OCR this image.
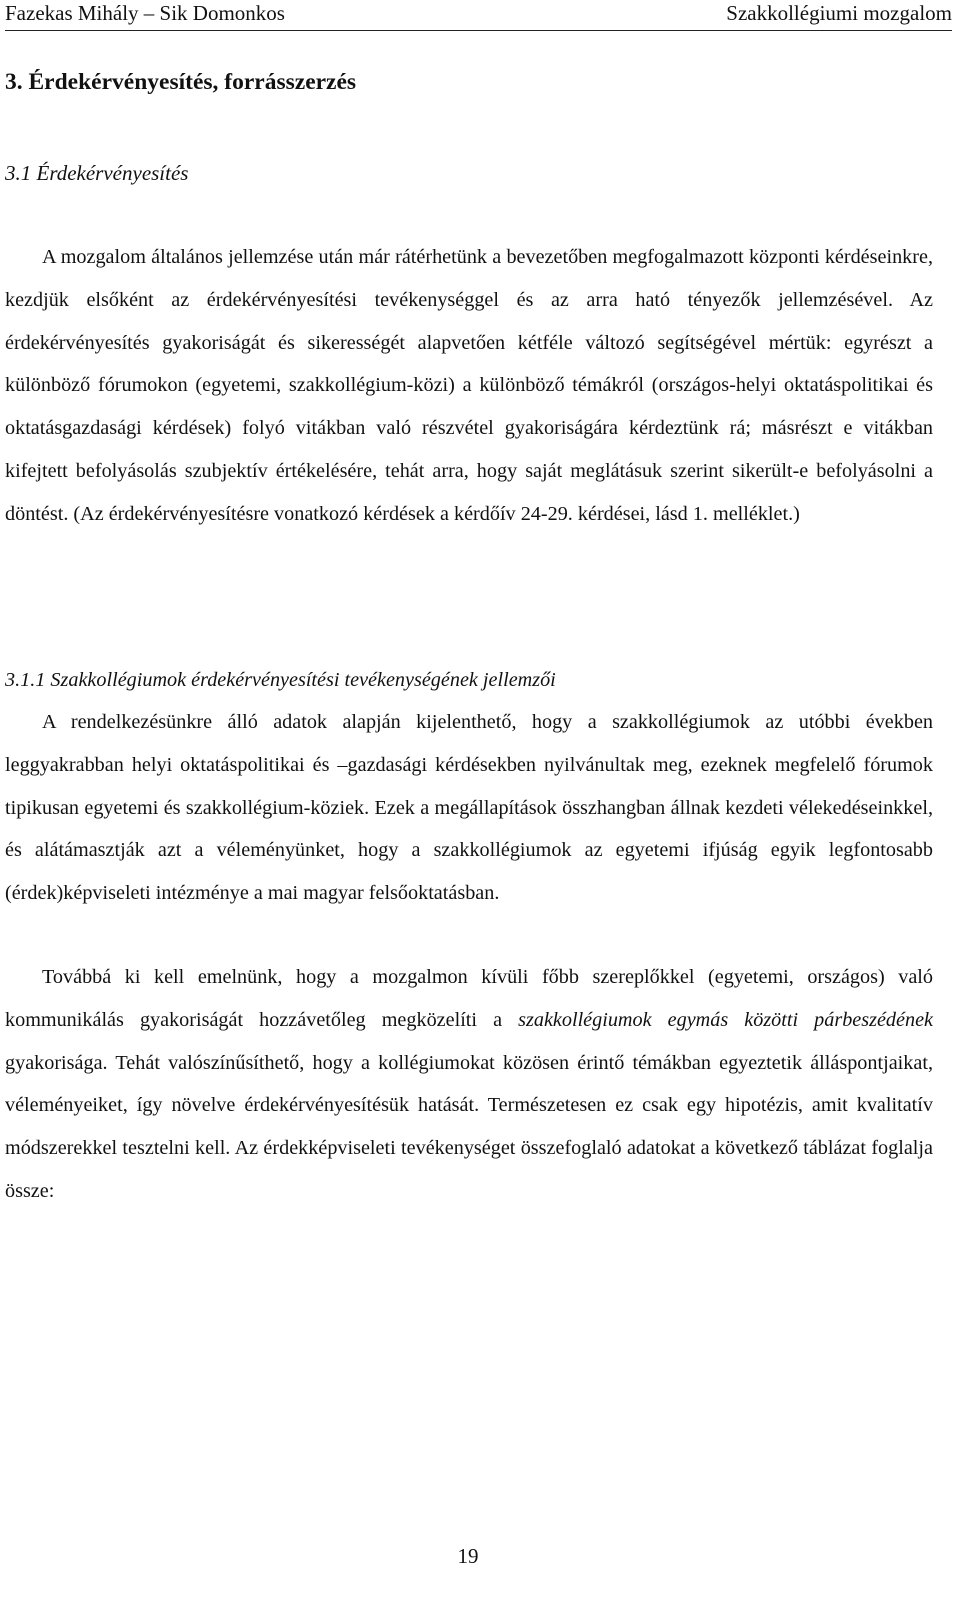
Fazekas Mihály – Sik Domonkos	Szakkollégiumi mozgalom
3. Érdekérvényesítés, forrásszerzés
3.1 Érdekérvényesítés

A mozgalom általános jellemzése után már rátérhetünk a bevezetőben megfogalmazott központi kérdéseinkre, kezdjük elsőként az érdekérvényesítési tevékenységgel és az arra ható tényezők jellemzésével. Az érdekérvényesítés gyakoriságát és sikerességét alapvetően kétféle változó segítségével mértük: egyrészt a különböző fórumokon (egyetemi, szakkollégium-közi) a különböző témákról (országos-helyi oktatáspolitikai és oktatásgazdasági kérdések) folyó vitákban való részvétel gyakoriságára kérdeztünk rá; másrészt e vitákban kifejtett befolyásolás szubjektív értékelésére, tehát arra, hogy saját meglátásuk szerint sikerült-e befolyásolni a döntést. (Az érdekérvényesítésre vonatkozó kérdések a kérdőív 24-29. kérdései, lásd 1. melléklet.)

3.1.1 Szakkollégiumok érdekérvényesítési tevékenységének jellemzői

A rendelkezésünkre álló adatok alapján kijelenthető, hogy a szakkollégiumok az utóbbi években leggyakrabban helyi oktatáspolitikai és –gazdasági kérdésekben nyilvánultak meg, ezeknek megfelelő fórumok tipikusan egyetemi és szakkollégium-köziek. Ezek a megállapítások összhangban állnak kezdeti vélekedéseinkkel, és alátámasztják azt a véleményünket, hogy a szakkollégiumok az egyetemi ifjúság egyik legfontosabb (érdek)képviseleti intézménye a mai magyar felsőoktatásban.

Továbbá ki kell emelnünk, hogy a mozgalmon kívüli főbb szereplőkkel (egyetemi, országos) való kommunikálás gyakoriságát hozzávetőleg megközelíti a szakkollégiumok egymás közötti párbeszédének gyakorisága. Tehát valószínűsíthető, hogy a kollégiumokat közösen érintő témákban egyeztetik álláspontjaikat, véleményeiket, így növelve érdekérvényesítésük hatását. Természetesen ez csak egy hipotézis, amit kvalitatív módszerekkel tesztelni kell. Az érdekképviseleti tevékenységet összefoglaló adatokat a következő táblázat foglalja össze:

19
